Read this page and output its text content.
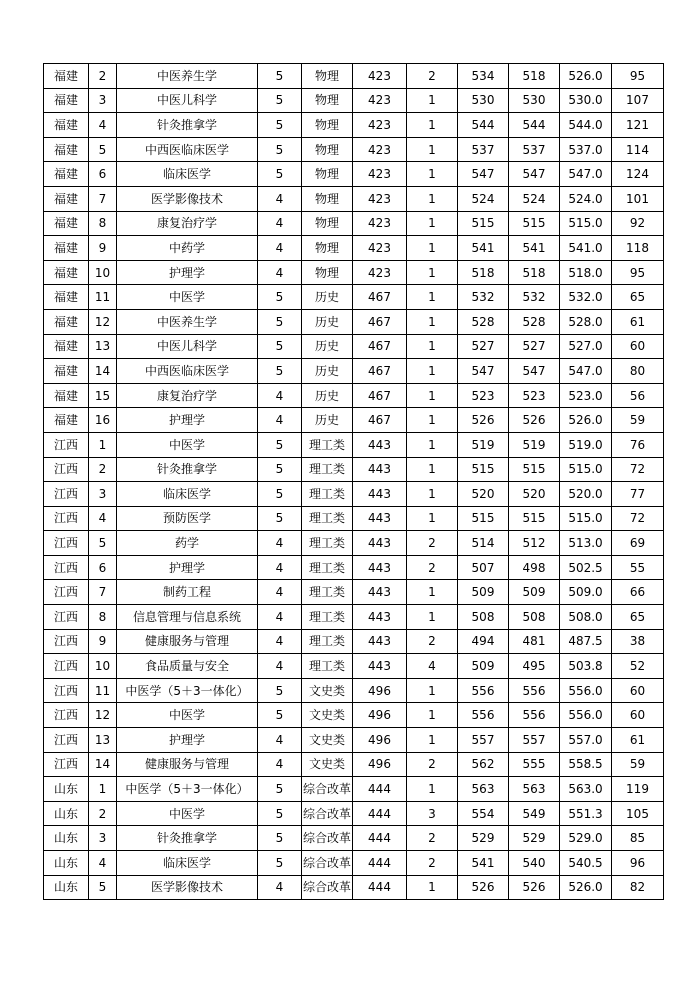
福建	2	中医养生学	5	物理	423	2	534	518	526.0	95
福建	3	中医儿科学	5	物理	423	1	530	530	530.0	107
福建	4	针灸推拿学	5	物理	423	1	544	544	544.0	121
福建	5	中西医临床医学	5	物理	423	1	537	537	537.0	114
福建	6	临床医学	5	物理	423	1	547	547	547.0	124
福建	7	医学影像技术	4	物理	423	1	524	524	524.0	101
福建	8	康复治疗学	4	物理	423	1	515	515	515.0	92
福建	9	中药学	4	物理	423	1	541	541	541.0	118
福建	10	护理学	4	物理	423	1	518	518	518.0	95
福建	11	中医学	5	历史	467	1	532	532	532.0	65
福建	12	中医养生学	5	历史	467	1	528	528	528.0	61
福建	13	中医儿科学	5	历史	467	1	527	527	527.0	60
福建	14	中西医临床医学	5	历史	467	1	547	547	547.0	80
福建	15	康复治疗学	4	历史	467	1	523	523	523.0	56
福建	16	护理学	4	历史	467	1	526	526	526.0	59
江西	1	中医学	5	理工类	443	1	519	519	519.0	76
江西	2	针灸推拿学	5	理工类	443	1	515	515	515.0	72
江西	3	临床医学	5	理工类	443	1	520	520	520.0	77
江西	4	预防医学	5	理工类	443	1	515	515	515.0	72
江西	5	药学	4	理工类	443	2	514	512	513.0	69
江西	6	护理学	4	理工类	443	2	507	498	502.5	55
江西	7	制药工程	4	理工类	443	1	509	509	509.0	66
江西	8	信息管理与信息系统	4	理工类	443	1	508	508	508.0	65
江西	9	健康服务与管理	4	理工类	443	2	494	481	487.5	38
江西	10	食品质量与安全	4	理工类	443	4	509	495	503.8	52
江西	11	中医学（5＋3一体化）	5	文史类	496	1	556	556	556.0	60
江西	12	中医学	5	文史类	496	1	556	556	556.0	60
江西	13	护理学	4	文史类	496	1	557	557	557.0	61
江西	14	健康服务与管理	4	文史类	496	2	562	555	558.5	59
山东	1	中医学（5＋3一体化）	5	综合改革	444	1	563	563	563.0	119
山东	2	中医学	5	综合改革	444	3	554	549	551.3	105
山东	3	针灸推拿学	5	综合改革	444	2	529	529	529.0	85
山东	4	临床医学	5	综合改革	444	2	541	540	540.5	96
山东	5	医学影像技术	4	综合改革	444	1	526	526	526.0	82
